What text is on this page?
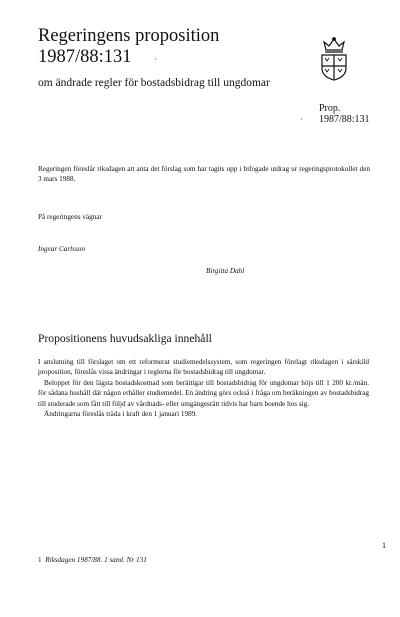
Regeringens proposition
1987/88:131	·
om ändrade regler för bostadsbidrag till ungdomar
·
Prop.
1987/88:131
Regeringen föreslår riksdagen att anta det förslag som har tagits upp i bifogade utdrag ur regeringsprotokollet den 3 mars 1988.
På regeringens vägnar
Ingvar Carlsson
Birgitta Dahl
Propositionens huvudsakliga innehåll

I anslutning till förslaget om ett reformerat studiemedelssystem, som regeringen förelagt riksdagen i särskild proposition, föreslås vissa ändringar i reglerna för bostadsbidrag till ungdomar.

Beloppet för den lägsta bostadskostnad som berättigar till bostadsbidrag för ungdomar höjs till 1 200 kr./mån. för sådana hushåll där någon erhåller studiemedel. En ändring görs också i fråga om beräkningen av bostadsbidrag till studerade som fått till följd av vårdnads- eller umgängesrätt tidvis har barn boende hos sig.

Ändringarna föreslås träda i kraft den 1 januari 1989.

1
1 Riksdagen 1987/88. 1 saml. Nr 131
